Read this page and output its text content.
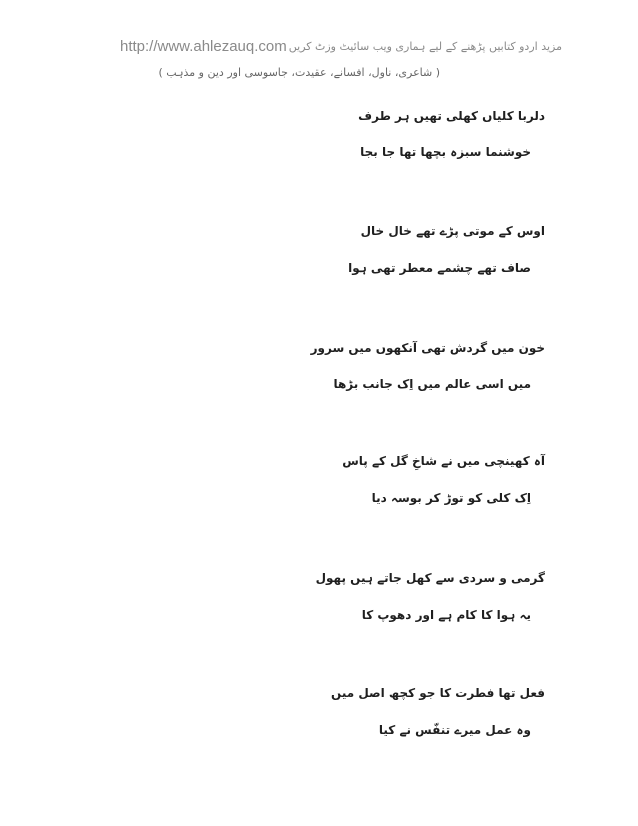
http://www.ahlezauq.com مزید اردو کتابیں پڑھنے کے لیے ہماری ویب سائیٹ وزٹ کریں
( شاعری، ناول، افسانے، عقیدت، جاسوسی اور دین و مذہب )
دلربا کلیاں کھلی تھیں ہر طرف
خوشنما سبزہ بچھا تھا جا بجا
اوس کے موتی پڑے تھے خال خال
صاف تھے چشمے معطر تھی ہوا
خون میں گردش تھی آنکھوں میں سرور
میں اسی عالم میں اِک جانب بڑھا
آہ کھینچی میں نے شاخِ گل کے پاس
اِک کلی کو توڑ کر بوسہ دیا
گرمی و سردی سے کھل جاتے ہیں پھول
یہ ہوا کا کام ہے اور دھوپ کا
فعل تھا فطرت کا جو کچھ اصل میں
وہ عمل میرے تنفّس نے کیا
